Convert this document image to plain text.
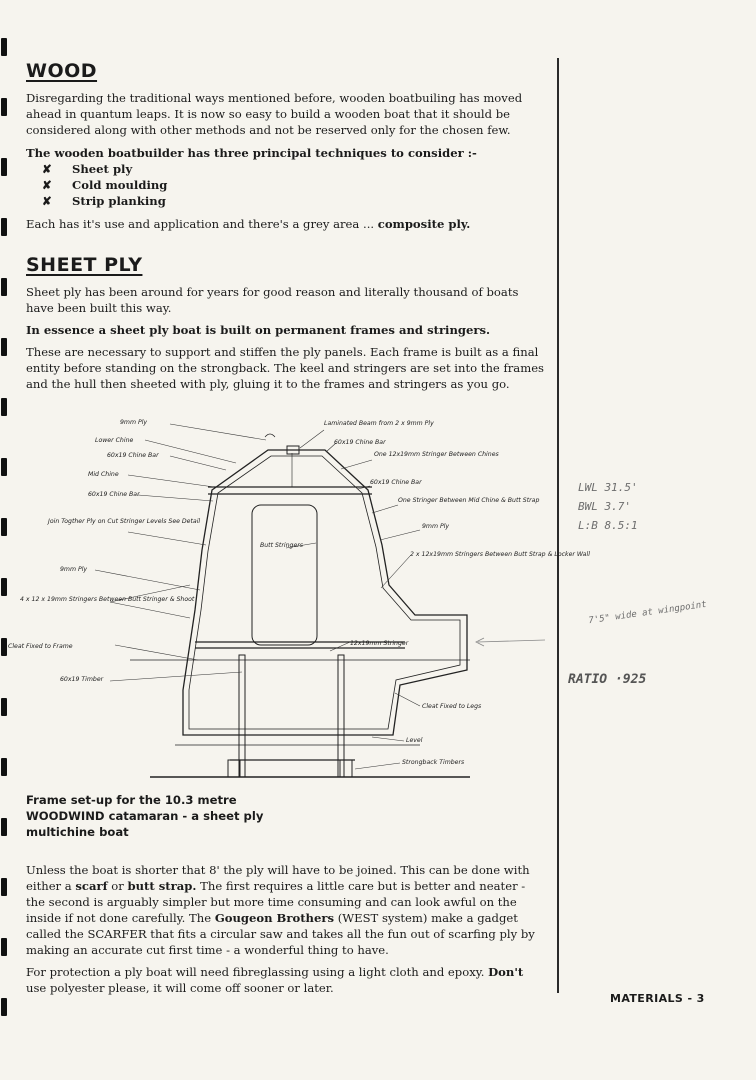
WOOD

Disregarding the traditional ways mentioned before, wooden boatbuiling has moved ahead in quantum leaps. It is now so easy to build a wooden boat that it should be considered along with other methods and not be reserved only for the chosen few.

The wooden boatbuilder has three principal techniques to consider :-

✘ Sheet ply
✘ Cold moulding
✘ Strip planking

Each has it's use and application and there's a grey area ... composite ply.

SHEET PLY

Sheet ply has been around for years for good reason and literally thousand of boats have been built this way.

In essence a sheet ply boat is built on permanent frames and stringers.

These are necessary to support and stiffen the ply panels. Each frame is built as a final entity before standing on the strongback. The keel and stringers are set into the frames and the hull then sheeted with ply, gluing it to the frames and stringers as you go.

9mm Ply	Laminated Beam from 2 x 9mm Ply
Lower Chine	60x19 Chine Bar
60x19 Chine Bar	One 12x19mm Stringer Between Chines
Mid Chine
60x19 Chine Bar
60x19 Chine Bar
One Stringer Between Mid Chine & Butt Strap
Join Togther Ply on Cut Stringer Levels See Detail
9mm Ply
Butt Stringers
9mm Ply
2 x 12x19mm Stringers Between Butt Strap & Locker Wall
4 x 12 x 19mm Stringers Between Butt Stringer & Shoot
12x19mm Stringer
Cleat Fixed to Frame
60x19 Timber
Cleat Fixed to Legs
Level
Strongback Timbers
Frame set-up for the 10.3 metre
WOODWIND catamaran - a sheet ply
multichine boat

Unless the boat is shorter that 8' the ply will have to be joined. This can be done with either a scarf or butt strap. The first requires a little care but is better and neater - the second is arguably simpler but more time consuming and can look awful on the inside if not done carefully. The Gougeon Brothers (WEST system) make a gadget called the SCARFER that fits a circular saw and takes all the fun out of scarfing ply by making an accurate cut first time - a wonderful thing to have.

For protection a ply boat will need fibreglassing using a light cloth and epoxy. Don't use polyester please, it will come off sooner or later.

LWL 31.5'
BWL 3.7'
L:B 8.5:1
7'5" wide at wingpoint
RATIO ·925
MATERIALS - 3
